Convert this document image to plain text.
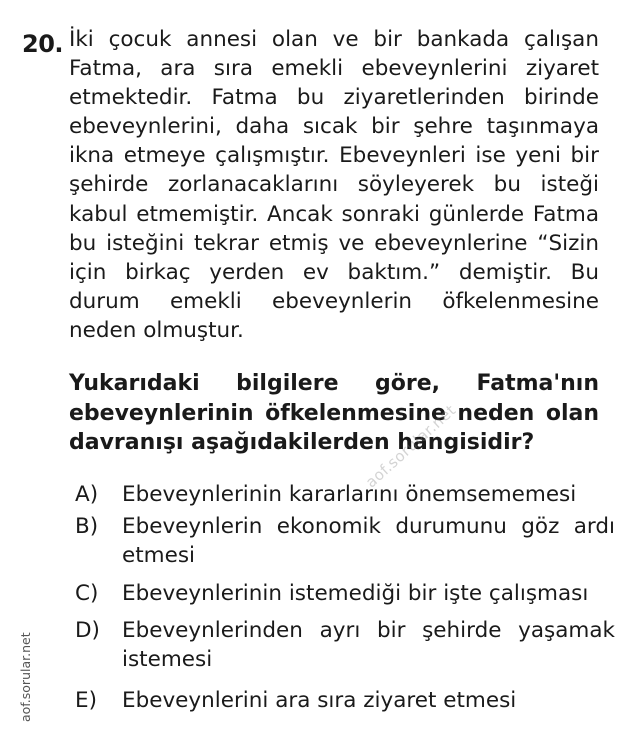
20. İki çocuk annesi olan ve bir bankada çalışan Fatma, ara sıra emekli ebeveynlerini ziyaret etmektedir. Fatma bu ziyaretlerinden birinde ebeveynlerini, daha sıcak bir şehre taşınmaya ikna etmeye çalışmıştır. Ebeveynleri ise yeni bir şehirde zorlanacaklarını söyleyerek bu isteği kabul etmemiştir. Ancak sonraki günlerde Fatma bu isteğini tekrar etmiş ve ebeveynlerine “Sizin için birkaç yerden ev baktım.” demiştir. Bu durum emekli ebeveynlerin öfkelenmesine neden olmuştur.
Yukarıdaki bilgilere göre, Fatma'nın ebeveynlerinin öfkelenmesine neden olan davranışı aşağıdakilerden hangisidir?
A)	Ebeveynlerinin kararlarını önemsememesi
B)	Ebeveynlerin ekonomik durumunu göz ardı etmesi
C)	Ebeveynlerinin istemediği bir işte çalışması
D)	Ebeveynlerinden ayrı bir şehirde yaşamak istemesi
E)	Ebeveynlerini ara sıra ziyaret etmesi
aof.sorular.net
aof.sorular.net
